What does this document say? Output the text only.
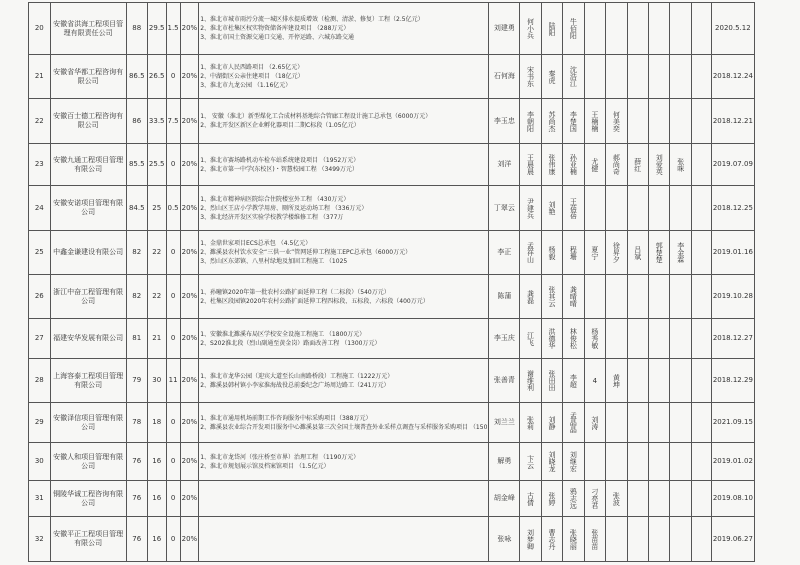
20	安徽省洪海工程项目管理有限责任公司	88	29.5	1.5	20%	1、淮北市城市雨污分流一城区排水提质增效（检测、清淤、修复）工程（2.5亿元）
2、淮北市杜集区权实物资储备库建设项目 （288万元）
3、淮北市国土资源交通口交通、开停运路、六城东路交通	刘建勇	何小兵	陆阳	牛佰阳							2020.5.12
21	安徽省华都工程咨询有限公司	86.5	26.5	0	20%	1、淮北市人民西路项目 （2.65亿元）
2、中湖街区公亲住建项目 （18亿元）
3、淮北市九龙公园 （1.16亿元）	石何海	宋书东	秦虎	沈浩江							2018.12.24
22	安徽百士德工程咨询有限公司	86	33.5	7.5	20%	1、 安徽（淮北）新型煤化工合成材料基地综合管廊工程设计施工总承包（6000万元）
2、淮北开发区新区企业孵化器项目二期C标段（1.05亿元）	李玉忠	李朝阳	苏尚杰	李楚国	王楠楠	何美奕					2018.12.21
23	安徽九通工程项目管理有限公司	85.5	25.5	0	20%	1、淮北市赛场路机动车检车站系统建设项目 （1952万元）
2、淮北市第一中学(东校区)・智慧校园工程 （3499万元）	刘洋	王晨晨	张伟康	孙亚楠	尤健	郝尚奇	薛红	刘爱英	张咪		2019.07.09
24	安徽安诺项目管理有限公司	84.5	25	0.5	20%	1、淮北市精神病医院综合住院楼室外工程 （430万元）
2、烈山区王店小学教学用房、厕所及运动场工程 （336万元）
3、淮北经济开发区实验学校教学楼维修工程 （377万	丁翠云	尹建兵	刘艳	王蓓蓓							2018.12.25
25	中鑫金谦建设有限公司	82	22	0	20%	1、金鼎世家项目ECS总承包 （4.5亿元）
2、濉溪县农村饮水安全“三供一业”管网延伸工程施工EPC总承包（6000万元）
3、烈山区东郊镇、八里村绿地及加固工程施工 （1025	李正	孟祥山	杨毅	程珊	夏宁	徐昇夕	吕斌	郭楚楚	李金霖		2019.01.16
26	浙江中奋工程管理有限公司	82	22	0	20%	1、孙疃镇2020年第一批农村公路扩面延伸工程（二标段）（540万元）
2、杜集区段园镇2020年农村公路扩面延伸工程四标段、五标段、六标段（400万元）	陈蒲	龚磊	张其云	龚晴晴							2019.10.28
27	福建安华发展有限公司	81	21	0	20%	1、安徽淮北濉溪布局区学校安全设施工程施工 （1800万元）
2、S202淮北段（烈山副通至黄金岗）路面改善工程 （1300万元）	李玉庆	江飞	洪德华	林俊松	杨秀敏						2018.12.27
28	上海容泰工程项目管理有限公司	79	30	11	20%	1、淮北市龙华公园（迎宾大道至长山南路桥段）工程施工（1222万元）
2、濉溪县韩村镇小李家淮海战役总前委纪念广场周边路工（241万元）	张善青	谢维利	张田田	李超	4	黄坤					2018.12.29
29	安徽泽信项目管理有限公司	78	18	0	20%	1、淮北市通用机场前期工作咨询服务中标采购项目（388万元）
2、濉溪县农业综合开发项目服务中心濉溪县第三次全国土壤普查外业采样点调查与采样服务采购项目 （150	刘兰兰	张莉	刘静	孟晶晶	刘涛						2021.09.15
30	安徽人和项目管理有限公司	76	16	0	20%	1、淮北市龙岱河（张庄桥至市界）治理工程 （1190万元）
2、淮北市规划展示馆及档案馆项目 （1.5亿元）	解勇	卞云	刘晓龙	刘继宏							2019.01.02
31	铜陵华诚工程咨询有限公司	76	16	0	20%		胡金峰	古倩	张婷	鸦志远	刁亮君	张波					2019.08.10
32	安徽平正工程项目管理有限公司	76	16	0	20%		张咏	刘梦卿	曹志丹	张晓丽	张苗苗						2019.06.27
